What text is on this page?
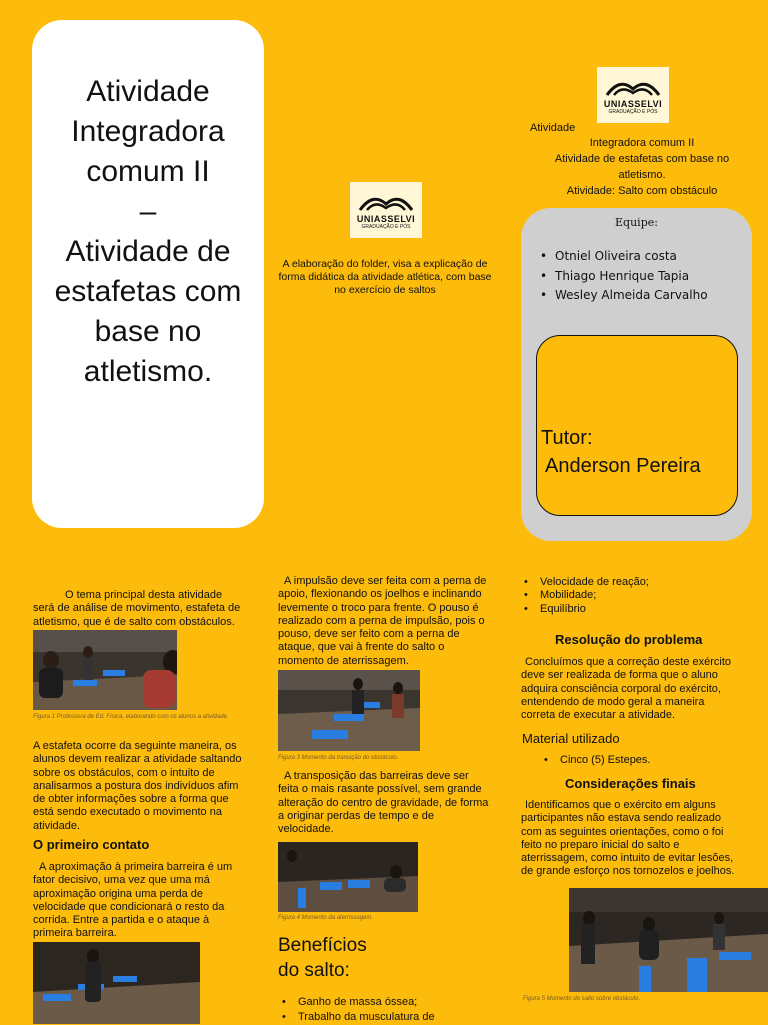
Atividade
Integradora
comum II
–
Atividade de
estafetas com
base no
atletismo.
UNIASSELVI
GRADUAÇÃO E PÓS
A elaboração do folder, visa a explicação de forma didática da atividade atlética, com base no exercício de saltos
UNIASSELVI
GRADUAÇÃO E PÓS
Atividade
Integradora comum II
Atividade de estafetas com base no
atletismo.
Atividade: Salto com obstáculo
Equipe:
• Otniel Oliveira costa
• Thiago Henrique Tapia
• Wesley Almeida Carvalho
Tutor:
Anderson Pereira
O tema principal desta atividade será de análise de movimento, estafeta de atletismo, que é de salto com obstáculos.
Figura 1 Professora de Ed. Física, elaborando com os alunos a atividade.
A estafeta ocorre da seguinte maneira, os alunos devem realizar a atividade saltando sobre os obstáculos, com o intuito de analisarmos a postura dos indivíduos afim de obter informações sobre a forma que está sendo executado o movimento na atividade.
O primeiro contato
A aproximação à primeira barreira é um fator decisivo, uma vez que uma má aproximação origina uma perda de velocidade que condicionará o resto da corrida. Entre a partida e o ataque à primeira barreira.
A impulsão deve ser feita com a perna de apoio, flexionando os joelhos e inclinando levemente o troco para frente. O pouso é realizado com a perna de impulsão, pois o pouso, deve ser feito com a perna de ataque, que vai à frente do salto o momento de aterrissagem.
Figura 3 Momento da transição do obstáculo.
A transposição das barreiras deve ser feita o mais rasante possível, sem grande alteração do centro de gravidade, de forma a originar perdas de tempo e de velocidade.
Figura 4 Momento da aterrissagem.
Benefícios
do salto:
• Ganho de massa óssea;
• Trabalho da musculatura de
• Velocidade de reação;
• Mobilidade;
• Equilíbrio
Resolução do problema
Concluímos que a correção deste exército deve ser realizada de forma que o aluno adquira consciência corporal do exército, entendendo de modo geral a maneira correta de executar a atividade.
Material utilizado
• Cinco (5) Estepes.
Considerações finais
Identificamos que o exército em alguns participantes não estava sendo realizado com as seguintes orientações, como o foi feito no preparo inicial do salto e aterrissagem, como intuito de evitar lesões, de grande esforço nos tornozelos e joelhos.
Figura 5 Momento do salto sobre obstáculo.
